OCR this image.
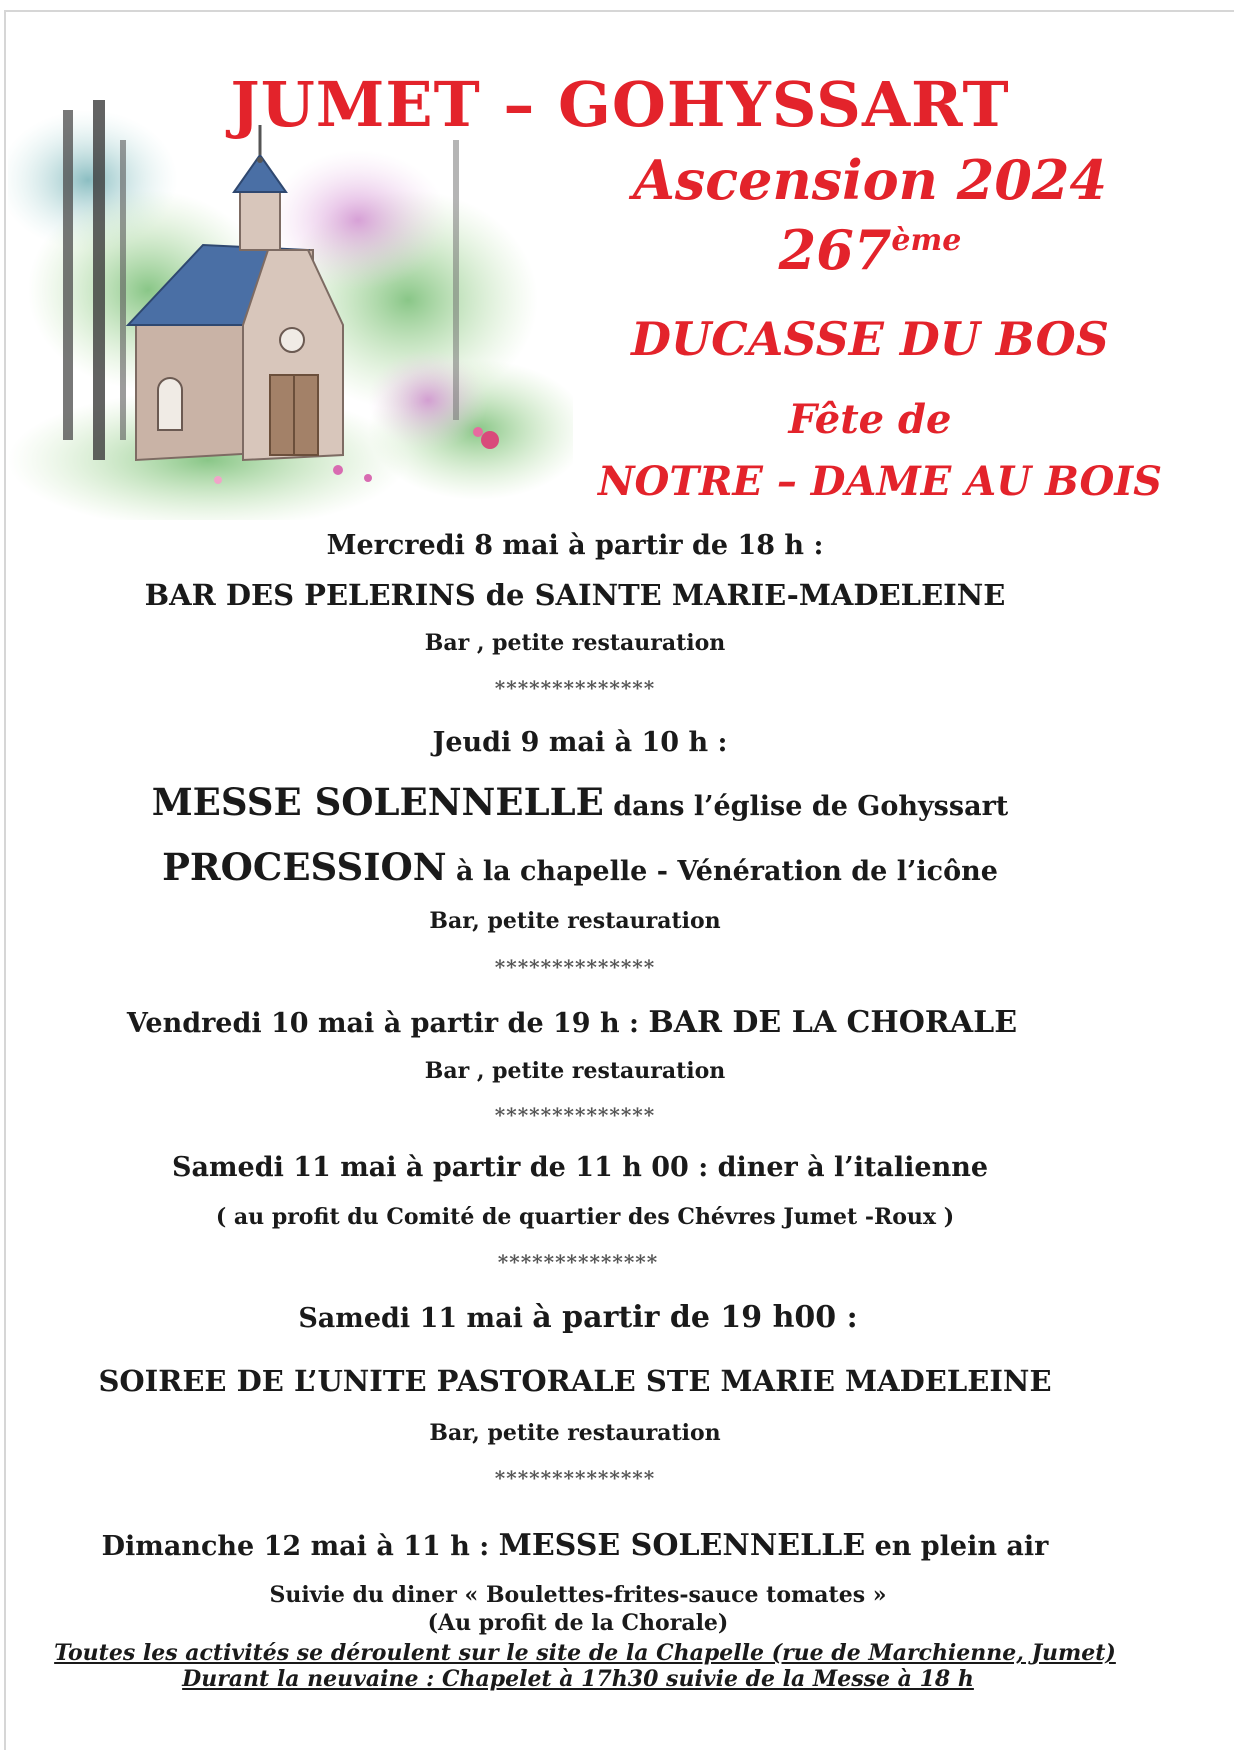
JUMET – GOHYSSART
Ascension 2024
267ème
DUCASSE DU BOS
Fête de
NOTRE – DAME AU BOIS
Mercredi 8 mai à partir de 18 h :
BAR DES PELERINS de SAINTE MARIE-MADELEINE
Bar , petite restauration
**************
Jeudi 9 mai à 10 h :
MESSE SOLENNELLE dans l’église de Gohyssart
PROCESSION à la chapelle - Vénération de l’icône
Bar, petite restauration
**************
Vendredi 10 mai à partir de 19 h : BAR DE LA CHORALE
Bar , petite restauration
**************
Samedi 11 mai à partir de 11 h 00 : diner à l’italienne
( au profit du Comité de quartier des Chévres Jumet -Roux )
**************
Samedi 11 mai à partir de 19 h00 :
SOIREE DE L’UNITE PASTORALE STE MARIE MADELEINE
Bar, petite restauration
**************
Dimanche 12 mai à 11 h : MESSE SOLENNELLE en plein air
Suivie du diner « Boulettes-frites-sauce tomates »
(Au profit de la Chorale)
Toutes les activités se déroulent sur le site de la Chapelle (rue de Marchienne, Jumet)
Durant la neuvaine : Chapelet à 17h30 suivie de la Messe à 18 h
